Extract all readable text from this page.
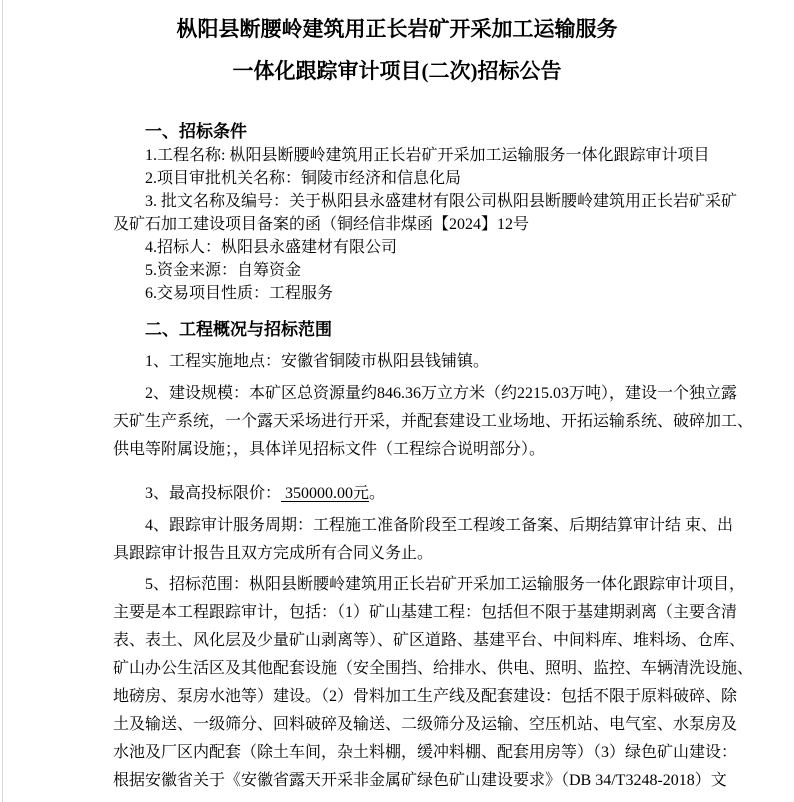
枞阳县断腰岭建筑用正长岩矿开采加工运输服务
一体化跟踪审计项目(二次)招标公告
一、招标条件
1.工程名称: 枞阳县断腰岭建筑用正长岩矿开采加工运输服务一体化跟踪审计项目
2.项目审批机关名称：铜陵市经济和信息化局
3. 批文名称及编号：关于枞阳县永盛建材有限公司枞阳县断腰岭建筑用正长岩矿采矿
及矿石加工建设项目备案的函（铜经信非煤函【2024】12号
4.招标人：枞阳县永盛建材有限公司
5.资金来源：自筹资金
6.交易项目性质：工程服务
二、工程概况与招标范围
1、工程实施地点：安徽省铜陵市枞阳县钱铺镇。
2、建设规模：本矿区总资源量约846.36万立方米（约2215.03万吨），建设一个独立露
天矿生产系统，一个露天采场进行开采，并配套建设工业场地、开拓运输系统、破碎加工、
供电等附属设施；，具体详见招标文件（工程综合说明部分）。
3、最高投标限价： 350000.00元。
4、跟踪审计服务周期：工程施工准备阶段至工程竣工备案、后期结算审计结 束、出
具跟踪审计报告且双方完成所有合同义务止。
5、招标范围：枞阳县断腰岭建筑用正长岩矿开采加工运输服务一体化跟踪审计项目，
主要是本工程跟踪审计，包括：（1）矿山基建工程：包括但不限于基建期剥离（主要含清
表、表土、风化层及少量矿山剥离等）、矿区道路、基建平台、中间料库、堆料场、仓库、
矿山办公生活区及其他配套设施（安全围挡、给排水、供电、照明、监控、车辆清洗设施、
地磅房、泵房水池等）建设。（2）骨料加工生产线及配套建设：包括不限于原料破碎、除
土及输送、一级筛分、回料破碎及输送、二级筛分及运输、空压机站、电气室、水泵房及
水池及厂区内配套（除土车间，杂土料棚，缓冲料棚、配套用房等）（3）绿色矿山建设：
根据安徽省关于《安徽省露天开采非金属矿绿色矿山建设要求》（DB 34/T3248-2018）文
